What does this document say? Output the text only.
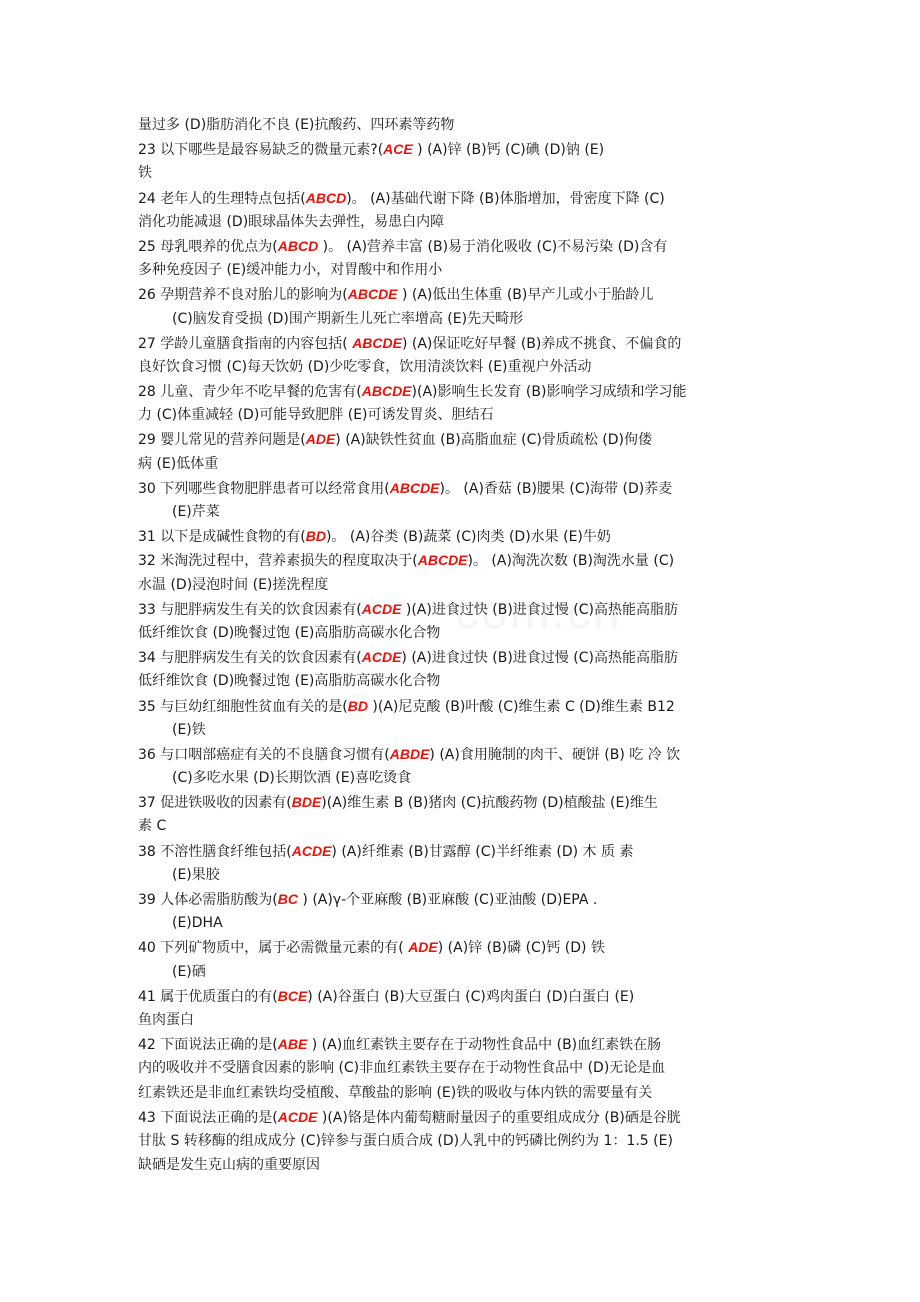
量过多 (D)脂肪消化不良 (E)抗酸药、四环素等药物
23 以下哪些是最容易缺乏的微量元素?(ACE ) (A)锌 (B)钙 (C)碘 (D)钠 (E)
铁
24 老年人的生理特点包括(ABCD)。 (A)基础代谢下降 (B)体脂增加，骨密度下降 (C)
消化功能减退 (D)眼球晶体失去弹性，易患白内障
25 母乳喂养的优点为(ABCD )。 (A)营养丰富 (B)易于消化吸收 (C)不易污染 (D)含有
多种免疫因子 (E)缓冲能力小，对胃酸中和作用小
26 孕期营养不良对胎儿的影响为(ABCDE ) (A)低出生体重 (B)早产儿或小于胎龄儿
(C)脑发育受损 (D)围产期新生儿死亡率增高 (E)先天畸形
27 学龄儿童膳食指南的内容包括( ABCDE) (A)保证吃好早餐 (B)养成不挑食、不偏食的
良好饮食习惯 (C)每天饮奶 (D)少吃零食，饮用清淡饮料 (E)重视户外活动
28 儿童、青少年不吃早餐的危害有(ABCDE)(A)影响生长发育 (B)影响学习成绩和学习能
力 (C)体重减轻 (D)可能导致肥胖 (E)可诱发胃炎、胆结石
29 婴儿常见的营养问题是(ADE) (A)缺铁性贫血 (B)高脂血症 (C)骨质疏松 (D)佝偻
病 (E)低体重
30 下列哪些食物肥胖患者可以经常食用(ABCDE)。 (A)香菇 (B)腰果 (C)海带 (D)荞麦
(E)芹菜
31 以下是成碱性食物的有(BD)。 (A)谷类 (B)蔬菜 (C)肉类 (D)水果 (E)牛奶
32 米淘洗过程中，营养素损失的程度取决于(ABCDE)。 (A)淘洗次数 (B)淘洗水量 (C)
水温 (D)浸泡时间 (E)搓洗程度
33 与肥胖病发生有关的饮食因素有(ACDE )(A)进食过快 (B)进食过慢 (C)高热能高脂肪
低纤维饮食 (D)晚餐过饱 (E)高脂肪高碳水化合物
34 与肥胖病发生有关的饮食因素有(ACDE) (A)进食过快 (B)进食过慢 (C)高热能高脂肪
低纤维饮食 (D)晚餐过饱 (E)高脂肪高碳水化合物
35 与巨幼红细胞性贫血有关的是(BD )(A)尼克酸 (B)叶酸 (C)维生素 C (D)维生素 B12
(E)铁
36 与口咽部癌症有关的不良膳食习惯有(ABDE) (A)食用腌制的肉干、硬饼 (B) 吃 冷 饮
(C)多吃水果 (D)长期饮酒 (E)喜吃烫食
37 促进铁吸收的因素有(BDE)(A)维生素 B (B)猪肉 (C)抗酸药物 (D)植酸盐 (E)维生
素 C
38 不溶性膳食纤维包括(ACDE) (A)纤维素 (B)甘露醇 (C)半纤维素 (D) 木 质 素
(E)果胶
39 人体必需脂肪酸为(BC ) (A)γ-个亚麻酸 (B)亚麻酸 (C)亚油酸 (D)EPA .
(E)DHA
40 下列矿物质中，属于必需微量元素的有( ADE) (A)锌 (B)磷 (C)钙 (D) 铁
(E)硒
41 属于优质蛋白的有(BCE) (A)谷蛋白 (B)大豆蛋白 (C)鸡肉蛋白 (D)白蛋白 (E)
鱼肉蛋白
42 下面说法正确的是(ABE ) (A)血红素铁主要存在于动物性食品中 (B)血红素铁在肠
内的吸收并不受膳食因素的影响 (C)非血红素铁主要存在于动物性食品中 (D)无论是血
红素铁还是非血红素铁均受植酸、草酸盐的影响 (E)铁的吸收与体内铁的需要量有关
43 下面说法正确的是(ACDE )(A)铬是体内葡萄糖耐量因子的重要组成成分 (B)硒是谷胱
甘肽 S 转移酶的组成成分 (C)锌参与蛋白质合成 (D)人乳中的钙磷比例约为 1：1.5 (E)
缺硒是发生克山病的重要原因
